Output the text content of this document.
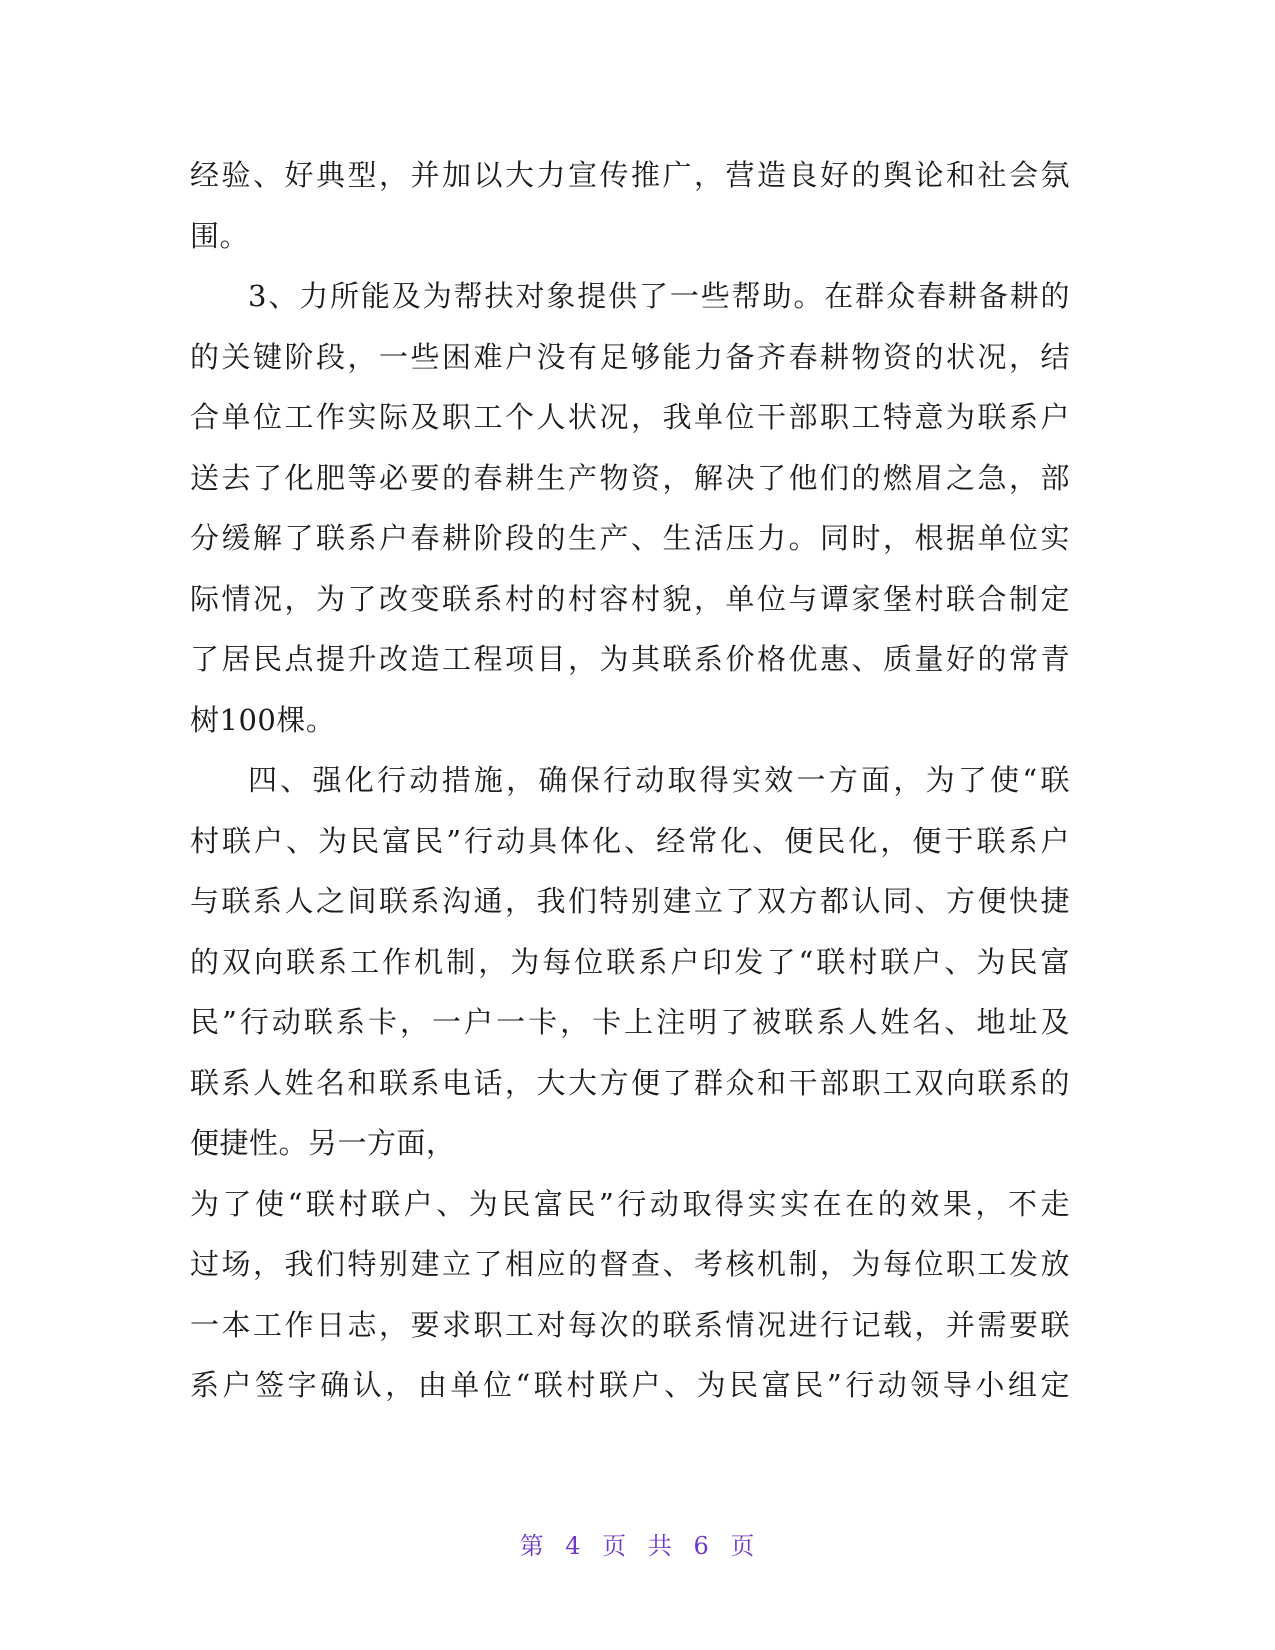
经验、好典型，并加以大力宣传推广，营造良好的舆论和社会氛
围。
3、力所能及为帮扶对象提供了一些帮助。在群众春耕备耕的
的关键阶段，一些困难户没有足够能力备齐春耕物资的状况，结
合单位工作实际及职工个人状况，我单位干部职工特意为联系户
送去了化肥等必要的春耕生产物资，解决了他们的燃眉之急，部
分缓解了联系户春耕阶段的生产、生活压力。同时，根据单位实
际情况，为了改变联系村的村容村貌，单位与谭家堡村联合制定
了居民点提升改造工程项目，为其联系价格优惠、质量好的常青
树100棵。
四、强化行动措施，确保行动取得实效一方面，为了使“联
村联户、为民富民”行动具体化、经常化、便民化，便于联系户
与联系人之间联系沟通，我们特别建立了双方都认同、方便快捷
的双向联系工作机制，为每位联系户印发了“联村联户、为民富
民”行动联系卡，一户一卡，卡上注明了被联系人姓名、地址及
联系人姓名和联系电话，大大方便了群众和干部职工双向联系的
便捷性。另一方面，
为了使“联村联户、为民富民”行动取得实实在在的效果，不走
过场，我们特别建立了相应的督查、考核机制，为每位职工发放
一本工作日志，要求职工对每次的联系情况进行记载，并需要联
系户签字确认，由单位“联村联户、为民富民”行动领导小组定
第 4 页 共 6 页
